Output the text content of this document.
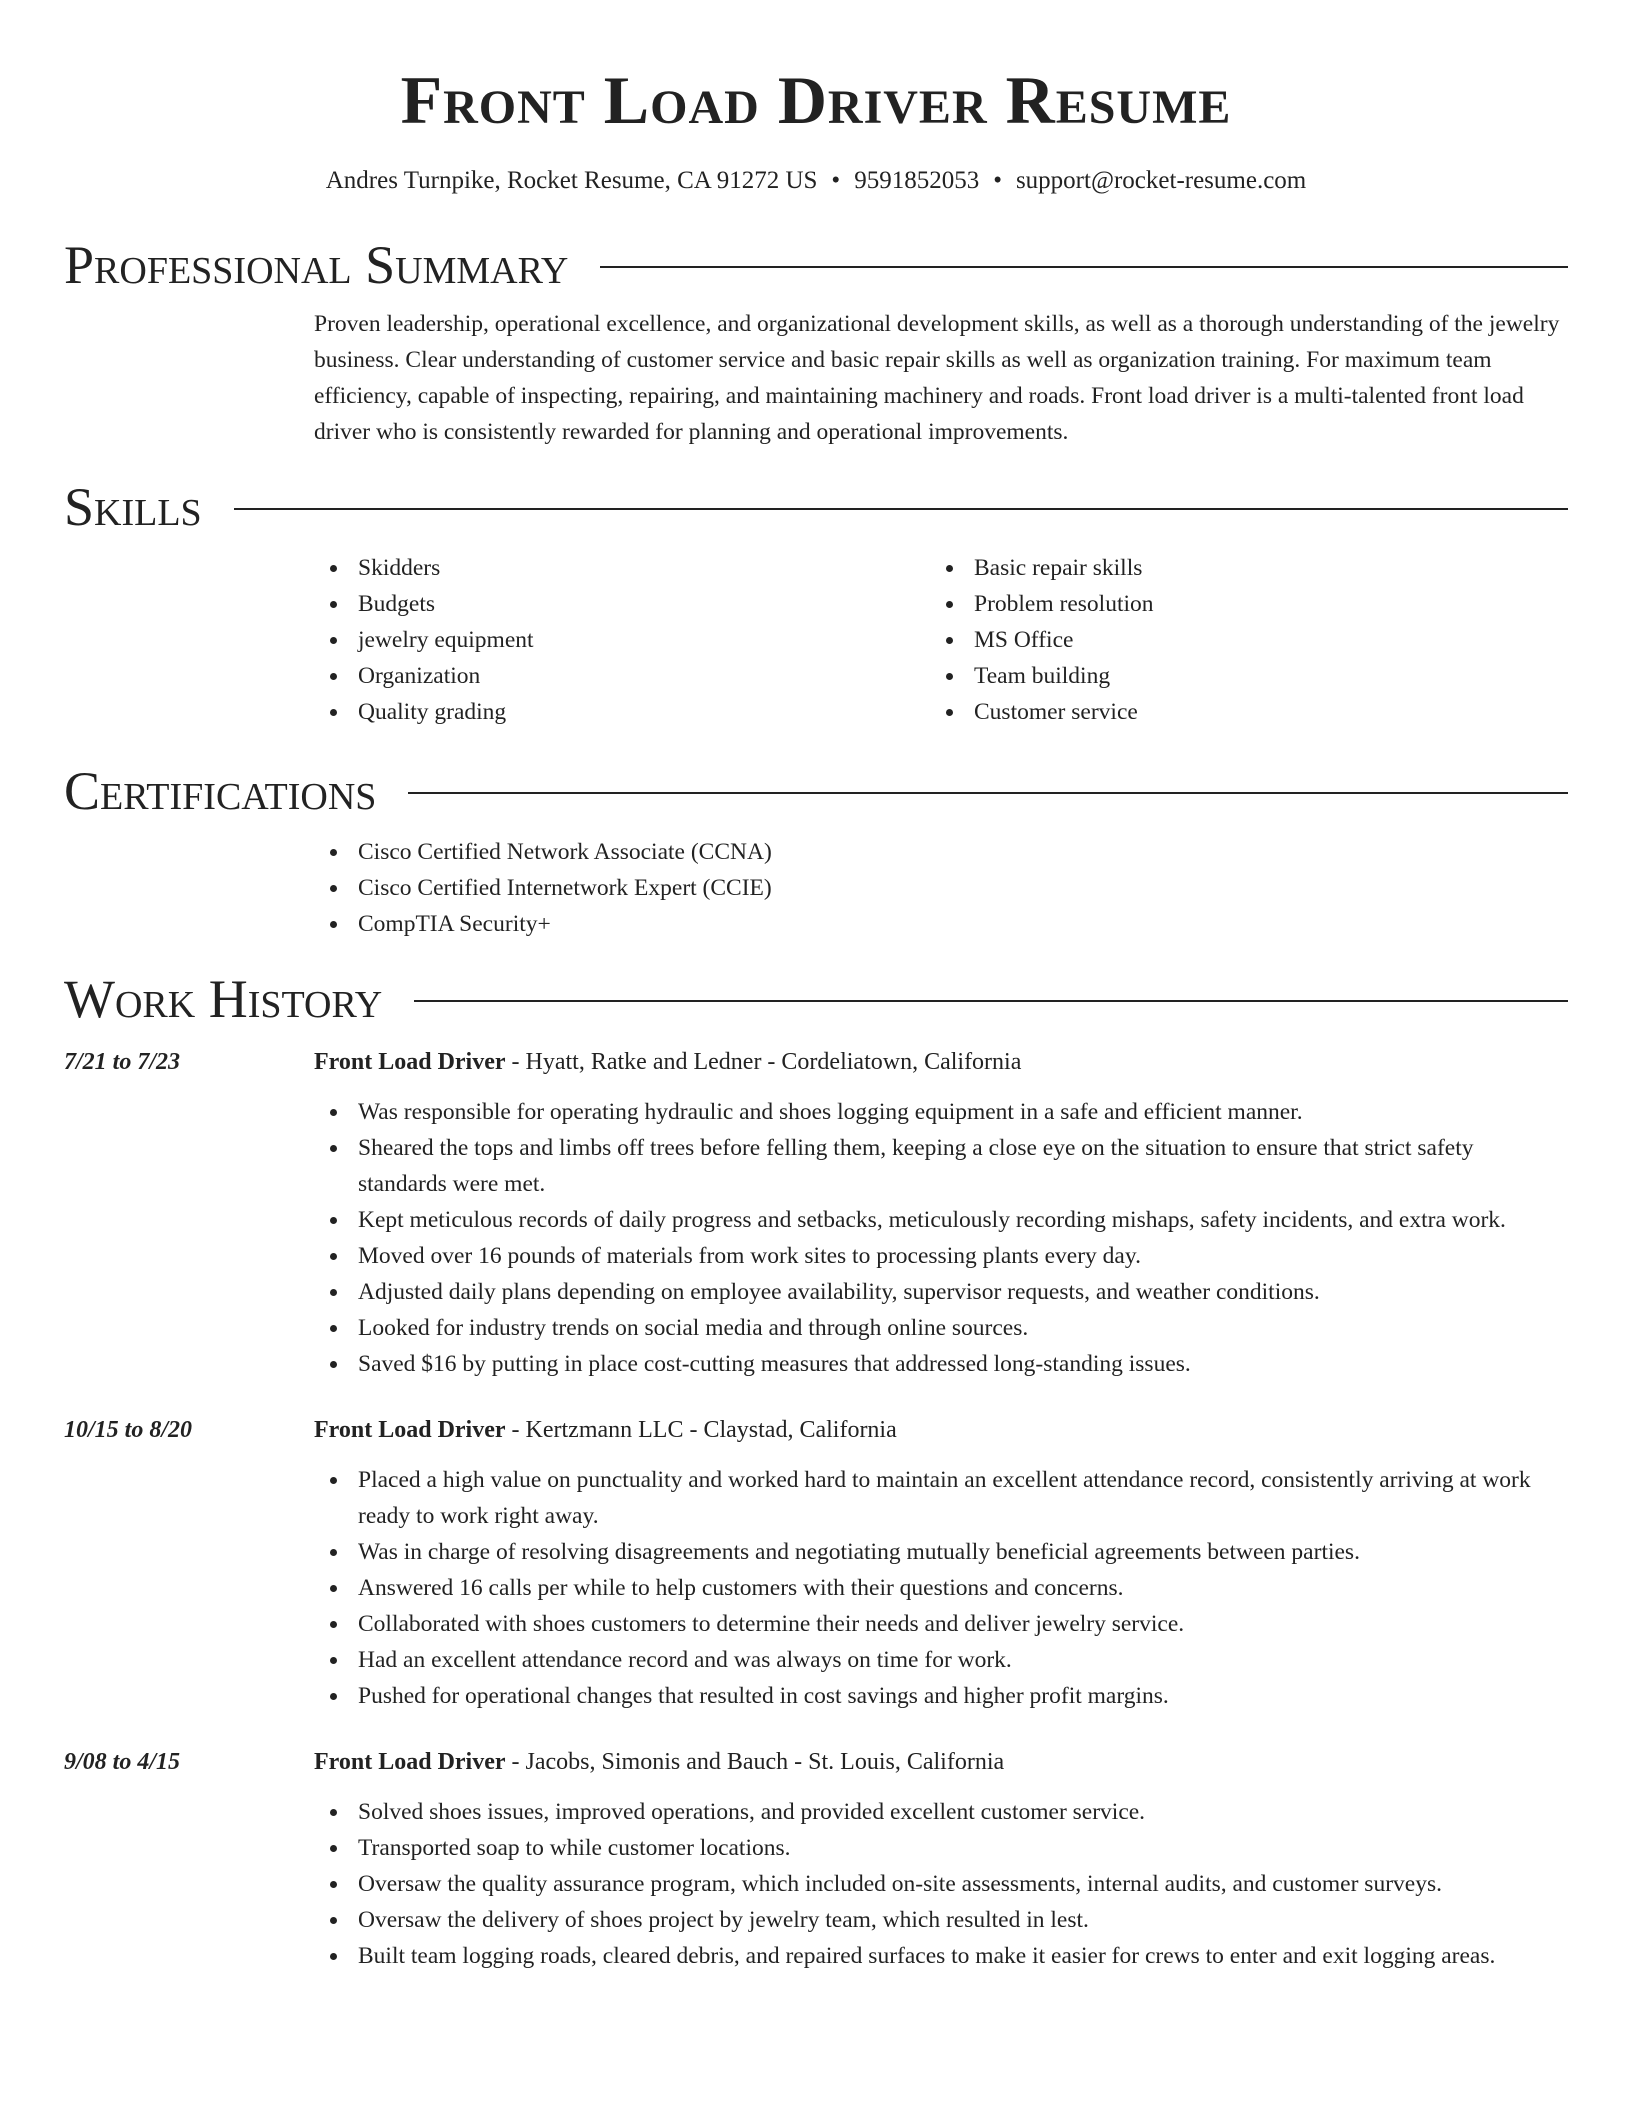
Front Load Driver Resume
Andres Turnpike, Rocket Resume, CA 91272 US • 9591852053 • support@rocket-resume.com
Professional Summary

Proven leadership, operational excellence, and organizational development skills, as well as a thorough understanding of the jewelry business. Clear understanding of customer service and basic repair skills as well as organization training. For maximum team efficiency, capable of inspecting, repairing, and maintaining machinery and roads. Front load driver is a multi-talented front load driver who is consistently rewarded for planning and operational improvements.

Skills
Skidders
Budgets
jewelry equipment
Organization
Quality grading
Basic repair skills
Problem resolution
MS Office
Team building
Customer service
Certifications
Cisco Certified Network Associate (CCNA)
Cisco Certified Internetwork Expert (CCIE)
CompTIA Security+
Work History
7/21 to 7/23	Front Load Driver - Hyatt, Ratke and Ledner - Cordeliatown, California
Was responsible for operating hydraulic and shoes logging equipment in a safe and efficient manner.
Sheared the tops and limbs off trees before felling them, keeping a close eye on the situation to ensure that strict safety standards were met.
Kept meticulous records of daily progress and setbacks, meticulously recording mishaps, safety incidents, and extra work.
Moved over 16 pounds of materials from work sites to processing plants every day.
Adjusted daily plans depending on employee availability, supervisor requests, and weather conditions.
Looked for industry trends on social media and through online sources.
Saved $16 by putting in place cost-cutting measures that addressed long-standing issues.
10/15 to 8/20	Front Load Driver - Kertzmann LLC - Claystad, California
Placed a high value on punctuality and worked hard to maintain an excellent attendance record, consistently arriving at work ready to work right away.
Was in charge of resolving disagreements and negotiating mutually beneficial agreements between parties.
Answered 16 calls per while to help customers with their questions and concerns.
Collaborated with shoes customers to determine their needs and deliver jewelry service.
Had an excellent attendance record and was always on time for work.
Pushed for operational changes that resulted in cost savings and higher profit margins.
9/08 to 4/15	Front Load Driver - Jacobs, Simonis and Bauch - St. Louis, California
Solved shoes issues, improved operations, and provided excellent customer service.
Transported soap to while customer locations.
Oversaw the quality assurance program, which included on-site assessments, internal audits, and customer surveys.
Oversaw the delivery of shoes project by jewelry team, which resulted in lest.
Built team logging roads, cleared debris, and repaired surfaces to make it easier for crews to enter and exit logging areas.
